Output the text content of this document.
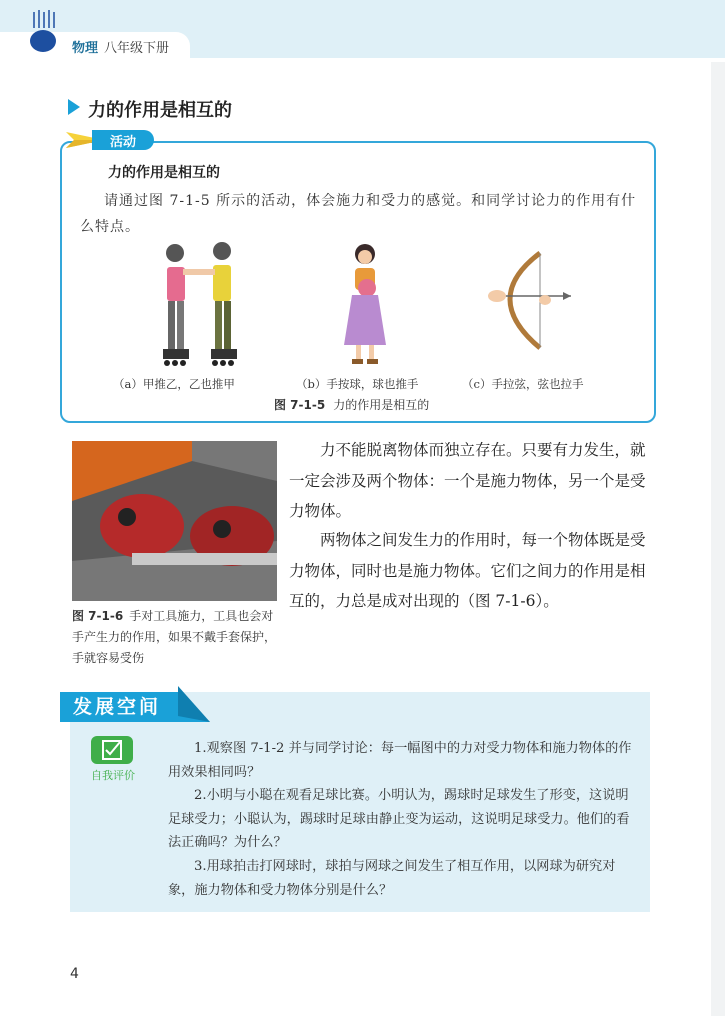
物理 八年级下册
力的作用是相互的
活动
力的作用是相互的
请通过图 7-1-5 所示的活动，体会施力和受力的感觉。和同学讨论力的作用有什么特点。
（a）甲推乙，乙也推甲	（b）手按球，球也推手	（c）手拉弦，弦也拉手
图 7-1-5 力的作用是相互的
图 7-1-6 手对工具施力，工具也会对手产生力的作用，如果不戴手套保护，手就容易受伤
力不能脱离物体而独立存在。只要有力发生，就一定会涉及两个物体：一个是施力物体，另一个是受力物体。
两物体之间发生力的作用时，每一个物体既是受力物体，同时也是施力物体。它们之间力的作用是相互的，力总是成对出现的（图 7-1-6）。
发展空间
自我评价
1.观察图 7-1-2 并与同学讨论：每一幅图中的力对受力物体和施力物体的作用效果相同吗？
2.小明与小聪在观看足球比赛。小明认为，踢球时足球发生了形变，这说明足球受力；小聪认为，踢球时足球由静止变为运动，这说明足球受力。他们的看法正确吗？为什么？
3.用球拍击打网球时，球拍与网球之间发生了相互作用，以网球为研究对象，施力物体和受力物体分别是什么？
4
